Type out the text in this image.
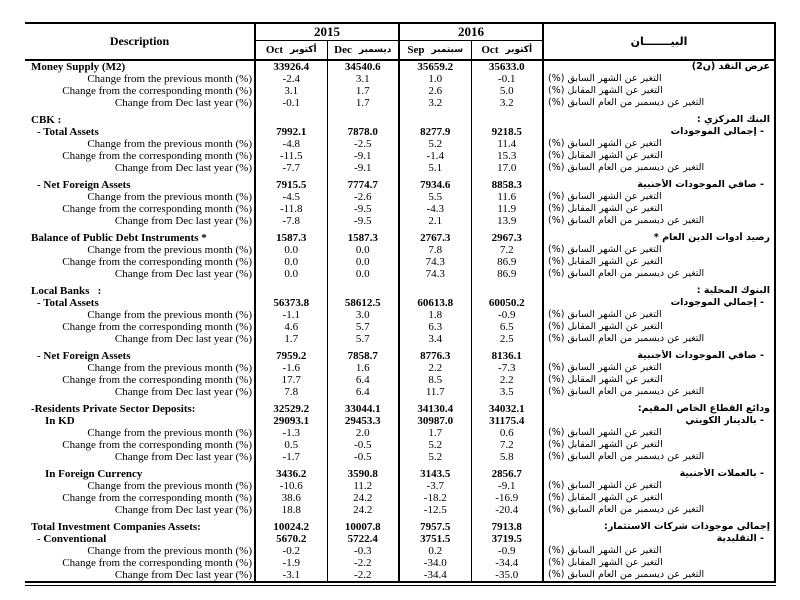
Description	2015		2016		البيـــــــان

	Oct أكتوبر	Dec ديسمبر	Sep سبتمبر	Oct أكتوبر	

Money Supply (M2)	33926.4	34540.6	35659.2	35633.0	عرض النقد (ن2)
Change from the previous month (%)	-2.4	3.1	1.0	-0.1	التغير عن الشهر السابق (%)
Change from the corresponding month (%)	3.1	1.7	2.6	5.0	التغير عن الشهر المقابل (%)
Change from Dec last year (%)	-0.1	1.7	3.2	3.2	التغير عن ديسمبر من العام السابق (%)

CBK :					البنك المركزي :
- Total Assets	7992.1	7878.0	8277.9	9218.5	- إجمالي الموجودات
Change from the previous month (%)	-4.8	-2.5	5.2	11.4	التغير عن الشهر السابق (%)
Change from the corresponding month (%)	-11.5	-9.1	-1.4	15.3	التغير عن الشهر المقابل (%)
Change from Dec last year (%)	-7.7	-9.1	5.1	17.0	التغير عن ديسمبر من العام السابق (%)

- Net Foreign Assets	7915.5	7774.7	7934.6	8858.3	- صافي الموجودات الأجنبية
Change from the previous month (%)	-4.5	-2.6	5.5	11.6	التغير عن الشهر السابق (%)
Change from the corresponding month (%)	-11.8	-9.5	-4.3	11.9	التغير عن الشهر المقابل (%)
Change from Dec last year (%)	-7.8	-9.5	2.1	13.9	التغير عن ديسمبر من العام السابق (%)

Balance of Public Debt Instruments *	1587.3	1587.3	2767.3	2967.3	رصيد أدوات الدين العام *
Change from the previous month (%)	0.0	0.0	7.8	7.2	التغير عن الشهر السابق (%)
Change from the corresponding month (%)	0.0	0.0	74.3	86.9	التغير عن الشهر المقابل (%)
Change from Dec last year (%)	0.0	0.0	74.3	86.9	التغير عن ديسمبر من العام السابق (%)

Local Banks   :					البنوك المحلية :
- Total Assets	56373.8	58612.5	60613.8	60050.2	- إجمالي الموجودات
Change from the previous month (%)	-1.1	3.0	1.8	-0.9	التغير عن الشهر السابق (%)
Change from the corresponding month (%)	4.6	5.7	6.3	6.5	التغير عن الشهر المقابل (%)
Change from Dec last year (%)	1.7	5.7	3.4	2.5	التغير عن ديسمبر من العام السابق (%)

- Net Foreign Assets	7959.2	7858.7	8776.3	8136.1	- صافي الموجودات الأجنبية
Change from the previous month (%)	-1.6	1.6	2.2	-7.3	التغير عن الشهر السابق (%)
Change from the corresponding month (%)	17.7	6.4	8.5	2.2	التغير عن الشهر المقابل (%)
Change from Dec last year (%)	7.8	6.4	11.7	3.5	التغير عن ديسمبر من العام السابق (%)

-Residents Private Sector Deposits:	32529.2	33044.1	34130.4	34032.1	ودائع القطاع الخاص المقيم:
In KD	29093.1	29453.3	30987.0	31175.4	- بالدينار الكويتي
Change from the previous month (%)	-1.3	2.0	1.7	0.6	التغير عن الشهر السابق (%)
Change from the corresponding month (%)	0.5	-0.5	5.2	7.2	التغير عن الشهر المقابل (%)
Change from Dec last year (%)	-1.7	-0.5	5.2	5.8	التغير عن ديسمبر من العام السابق (%)

In Foreign Currency	3436.2	3590.8	3143.5	2856.7	- بالعملات الأجنبية
Change from the previous month (%)	-10.6	11.2	-3.7	-9.1	التغير عن الشهر السابق (%)
Change from the corresponding month (%)	38.6	24.2	-18.2	-16.9	التغير عن الشهر المقابل (%)
Change from Dec last year (%)	18.8	24.2	-12.5	-20.4	التغير عن ديسمبر من العام السابق (%)

Total Investment Companies Assets:	10024.2	10007.8	7957.5	7913.8	إجمالي موجودات شركات الاستثمار:
- Conventional	5670.2	5722.4	3751.5	3719.5	- التقليدية
Change from the previous month (%)	-0.2	-0.3	0.2	-0.9	التغير عن الشهر السابق (%)
Change from the corresponding month (%)	-1.9	-2.2	-34.0	-34.4	التغير عن الشهر المقابل (%)
Change from Dec last year (%)	-3.1	-2.2	-34.4	-35.0	التغير عن ديسمبر من العام السابق (%)
